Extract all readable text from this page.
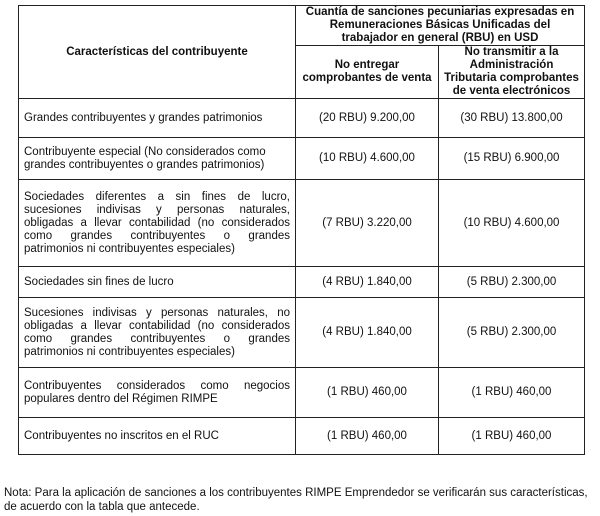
Características del contribuyente	Cuantía de sanciones pecuniarias expresadas en Remuneraciones Básicas Unificadas del trabajador en general (RBU) en USD	
	No entregar comprobantes de venta	No transmitir a la Administración Tributaria comprobantes de venta electrónicos
Grandes contribuyentes y grandes patrimonios	(20 RBU) 9.200,00	(30 RBU) 13.800,00
Contribuyente especial (No considerados como grandes contribuyentes o grandes patrimonios)	(10 RBU) 4.600,00	(15 RBU) 6.900,00
Sociedades diferentes a sin fines de lucro, sucesiones indivisas y personas naturales, obligadas a llevar contabilidad (no considerados como grandes contribuyentes o grandes patrimonios ni contribuyentes especiales)	(7 RBU) 3.220,00	(10 RBU) 4.600,00
Sociedades sin fines de lucro	(4 RBU) 1.840,00	(5 RBU) 2.300,00
Sucesiones indivisas y personas naturales, no obligadas a llevar contabilidad (no considerados como grandes contribuyentes o grandes patrimonios ni contribuyentes especiales)	(4 RBU) 1.840,00	(5 RBU) 2.300,00
Contribuyentes considerados como negocios populares dentro del Régimen RIMPE	(1 RBU) 460,00	(1 RBU) 460,00
Contribuyentes no inscritos en el RUC	(1 RBU) 460,00	(1 RBU) 460,00

Nota: Para la aplicación de sanciones a los contribuyentes RIMPE Emprendedor se verificarán sus características, de acuerdo con la tabla que antecede.
